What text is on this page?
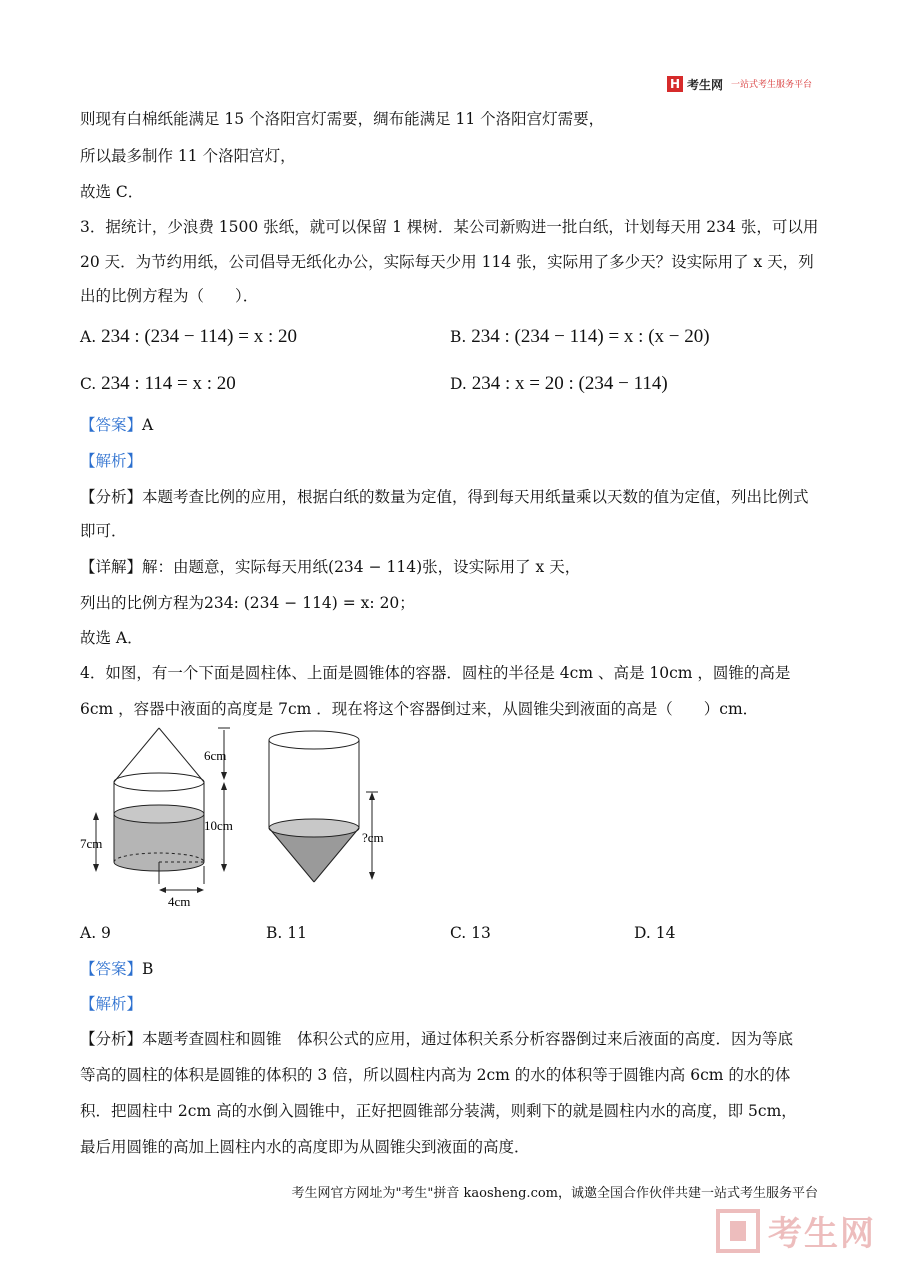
H 考生网 一站式考生服务平台
则现有白棉纸能满足 15 个洛阳宫灯需要，绸布能满足 11 个洛阳宫灯需要，
所以最多制作 11 个洛阳宫灯，
故选 C．
3．据统计，少浪费 1500 张纸，就可以保留 1 棵树．某公司新购进一批白纸，计划每天用 234 张，可以用
20 天．为节约用纸，公司倡导无纸化办公，实际每天少用 114 张，实际用了多少天？设实际用了 x 天，列
出的比例方程为（　　）．
A. 234 : (234 − 114) = x : 20	B. 234 : (234 − 114) = x : (x − 20)
C. 234 : 114 = x : 20	D. 234 : x = 20 : (234 − 114)
【答案】A
【解析】
【分析】本题考查比例的应用，根据白纸的数量为定值，得到每天用纸量乘以天数的值为定值，列出比例式
即可．
【详解】解：由题意，实际每天用纸(234 − 114)张，设实际用了 x 天，
列出的比例方程为234: (234 − 114) = x: 20；
故选 A．
4．如图，有一个下面是圆柱体、上面是圆锥体的容器．圆柱的半径是 4cm 、高是 10cm ，圆锥的高是
6cm ，容器中液面的高度是 7cm ．现在将这个容器倒过来，从圆锥尖到液面的高是（　　）cm．
6cm
10cm
7cm
4cm
?cm
A. 9	B. 11	C. 13	D. 14
【答案】B
【解析】
【分析】本题考查圆柱和圆锥　体积公式的应用，通过体积关系分析容器倒过来后液面的高度．因为等底
等高的圆柱的体积是圆锥的体积的 3 倍，所以圆柱内高为 2cm 的水的体积等于圆锥内高 6cm 的水的体
积．把圆柱中 2cm 高的水倒入圆锥中，正好把圆锥部分装满，则剩下的就是圆柱内水的高度，即 5cm，
最后用圆锥的高加上圆柱内水的高度即为从圆锥尖到液面的高度．
考生网官方网址为"考生"拼音 kaosheng.com，诚邀全国合作伙伴共建一站式考生服务平台
考生网
